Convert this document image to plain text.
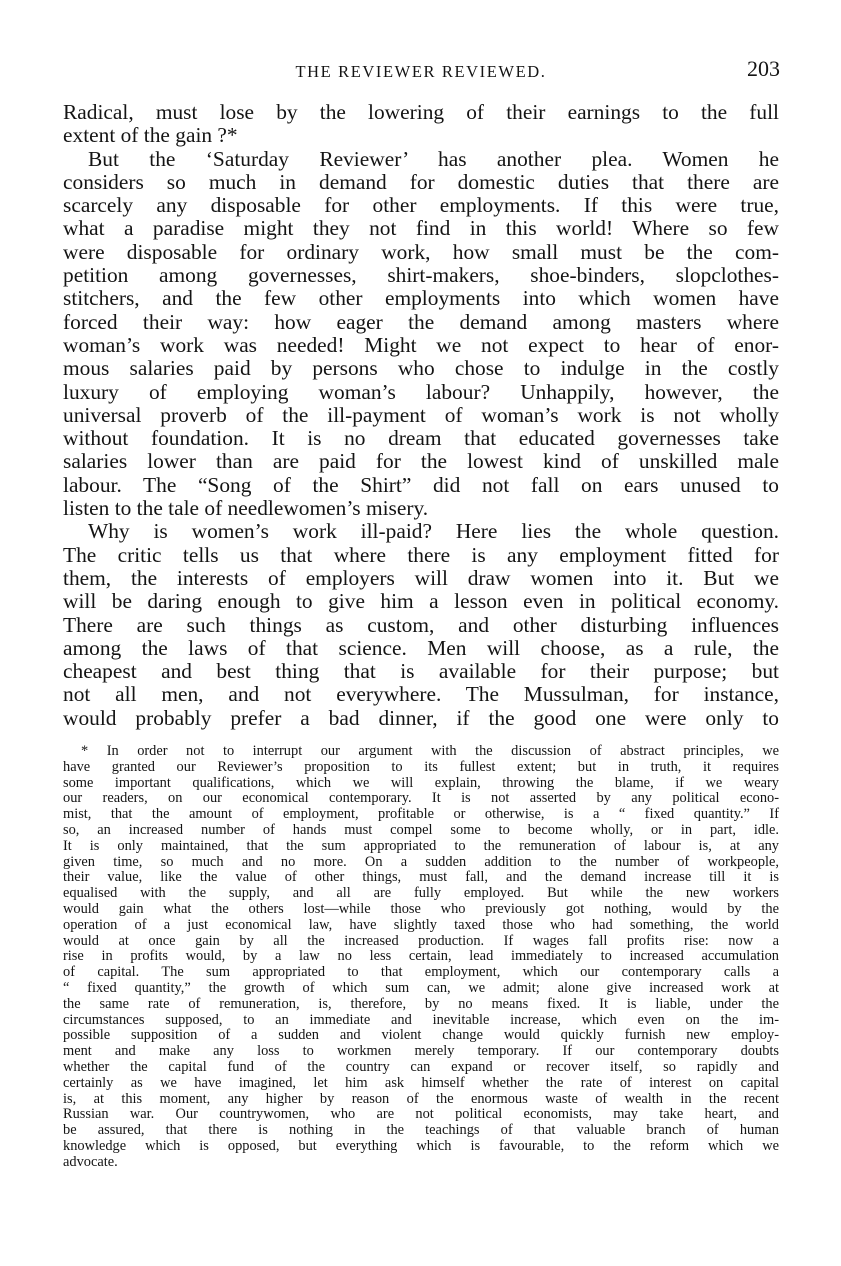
THE REVIEWER REVIEWED.	203
Radical, must lose by the lowering of their earnings to the full
extent of the gain ?*
But the ‘Saturday Reviewer’ has another plea. Women he
considers so much in demand for domestic duties that there are
scarcely any disposable for other employments. If this were true,
what a paradise might they not find in this world! Where so few
were disposable for ordinary work, how small must be the com-
petition among governesses, shirt-makers, shoe-binders, slopclothes-
stitchers, and the few other employments into which women have
forced their way: how eager the demand among masters where
woman’s work was needed! Might we not expect to hear of enor-
mous salaries paid by persons who chose to indulge in the costly
luxury of employing woman’s labour? Unhappily, however, the
universal proverb of the ill-payment of woman’s work is not wholly
without foundation. It is no dream that educated governesses take
salaries lower than are paid for the lowest kind of unskilled male
labour. The “Song of the Shirt” did not fall on ears unused to
listen to the tale of needlewomen’s misery.
Why is women’s work ill-paid? Here lies the whole question.
The critic tells us that where there is any employment fitted for
them, the interests of employers will draw women into it. But we
will be daring enough to give him a lesson even in political economy.
There are such things as custom, and other disturbing influences
among the laws of that science. Men will choose, as a rule, the
cheapest and best thing that is available for their purpose; but
not all men, and not everywhere. The Mussulman, for instance,
would probably prefer a bad dinner, if the good one were only to
* In order not to interrupt our argument with the discussion of abstract principles, we
have granted our Reviewer’s proposition to its fullest extent; but in truth, it requires
some important qualifications, which we will explain, throwing the blame, if we weary
our readers, on our economical contemporary. It is not asserted by any political econo-
mist, that the amount of employment, profitable or otherwise, is a “ fixed quantity.” If
so, an increased number of hands must compel some to become wholly, or in part, idle.
It is only maintained, that the sum appropriated to the remuneration of labour is, at any
given time, so much and no more. On a sudden addition to the number of workpeople,
their value, like the value of other things, must fall, and the demand increase till it is
equalised with the supply, and all are fully employed. But while the new workers
would gain what the others lost—while those who previously got nothing, would by the
operation of a just economical law, have slightly taxed those who had something, the world
would at once gain by all the increased production. If wages fall profits rise: now a
rise in profits would, by a law no less certain, lead immediately to increased accumulation
of capital. The sum appropriated to that employment, which our contemporary calls a
“ fixed quantity,” the growth of which sum can, we admit; alone give increased work at
the same rate of remuneration, is, therefore, by no means fixed. It is liable, under the
circumstances supposed, to an immediate and inevitable increase, which even on the im-
possible supposition of a sudden and violent change would quickly furnish new employ-
ment and make any loss to workmen merely temporary. If our contemporary doubts
whether the capital fund of the country can expand or recover itself, so rapidly and
certainly as we have imagined, let him ask himself whether the rate of interest on capital
is, at this moment, any higher by reason of the enormous waste of wealth in the recent
Russian war. Our countrywomen, who are not political economists, may take heart, and
be assured, that there is nothing in the teachings of that valuable branch of human
knowledge which is opposed, but everything which is favourable, to the reform which we
advocate.
